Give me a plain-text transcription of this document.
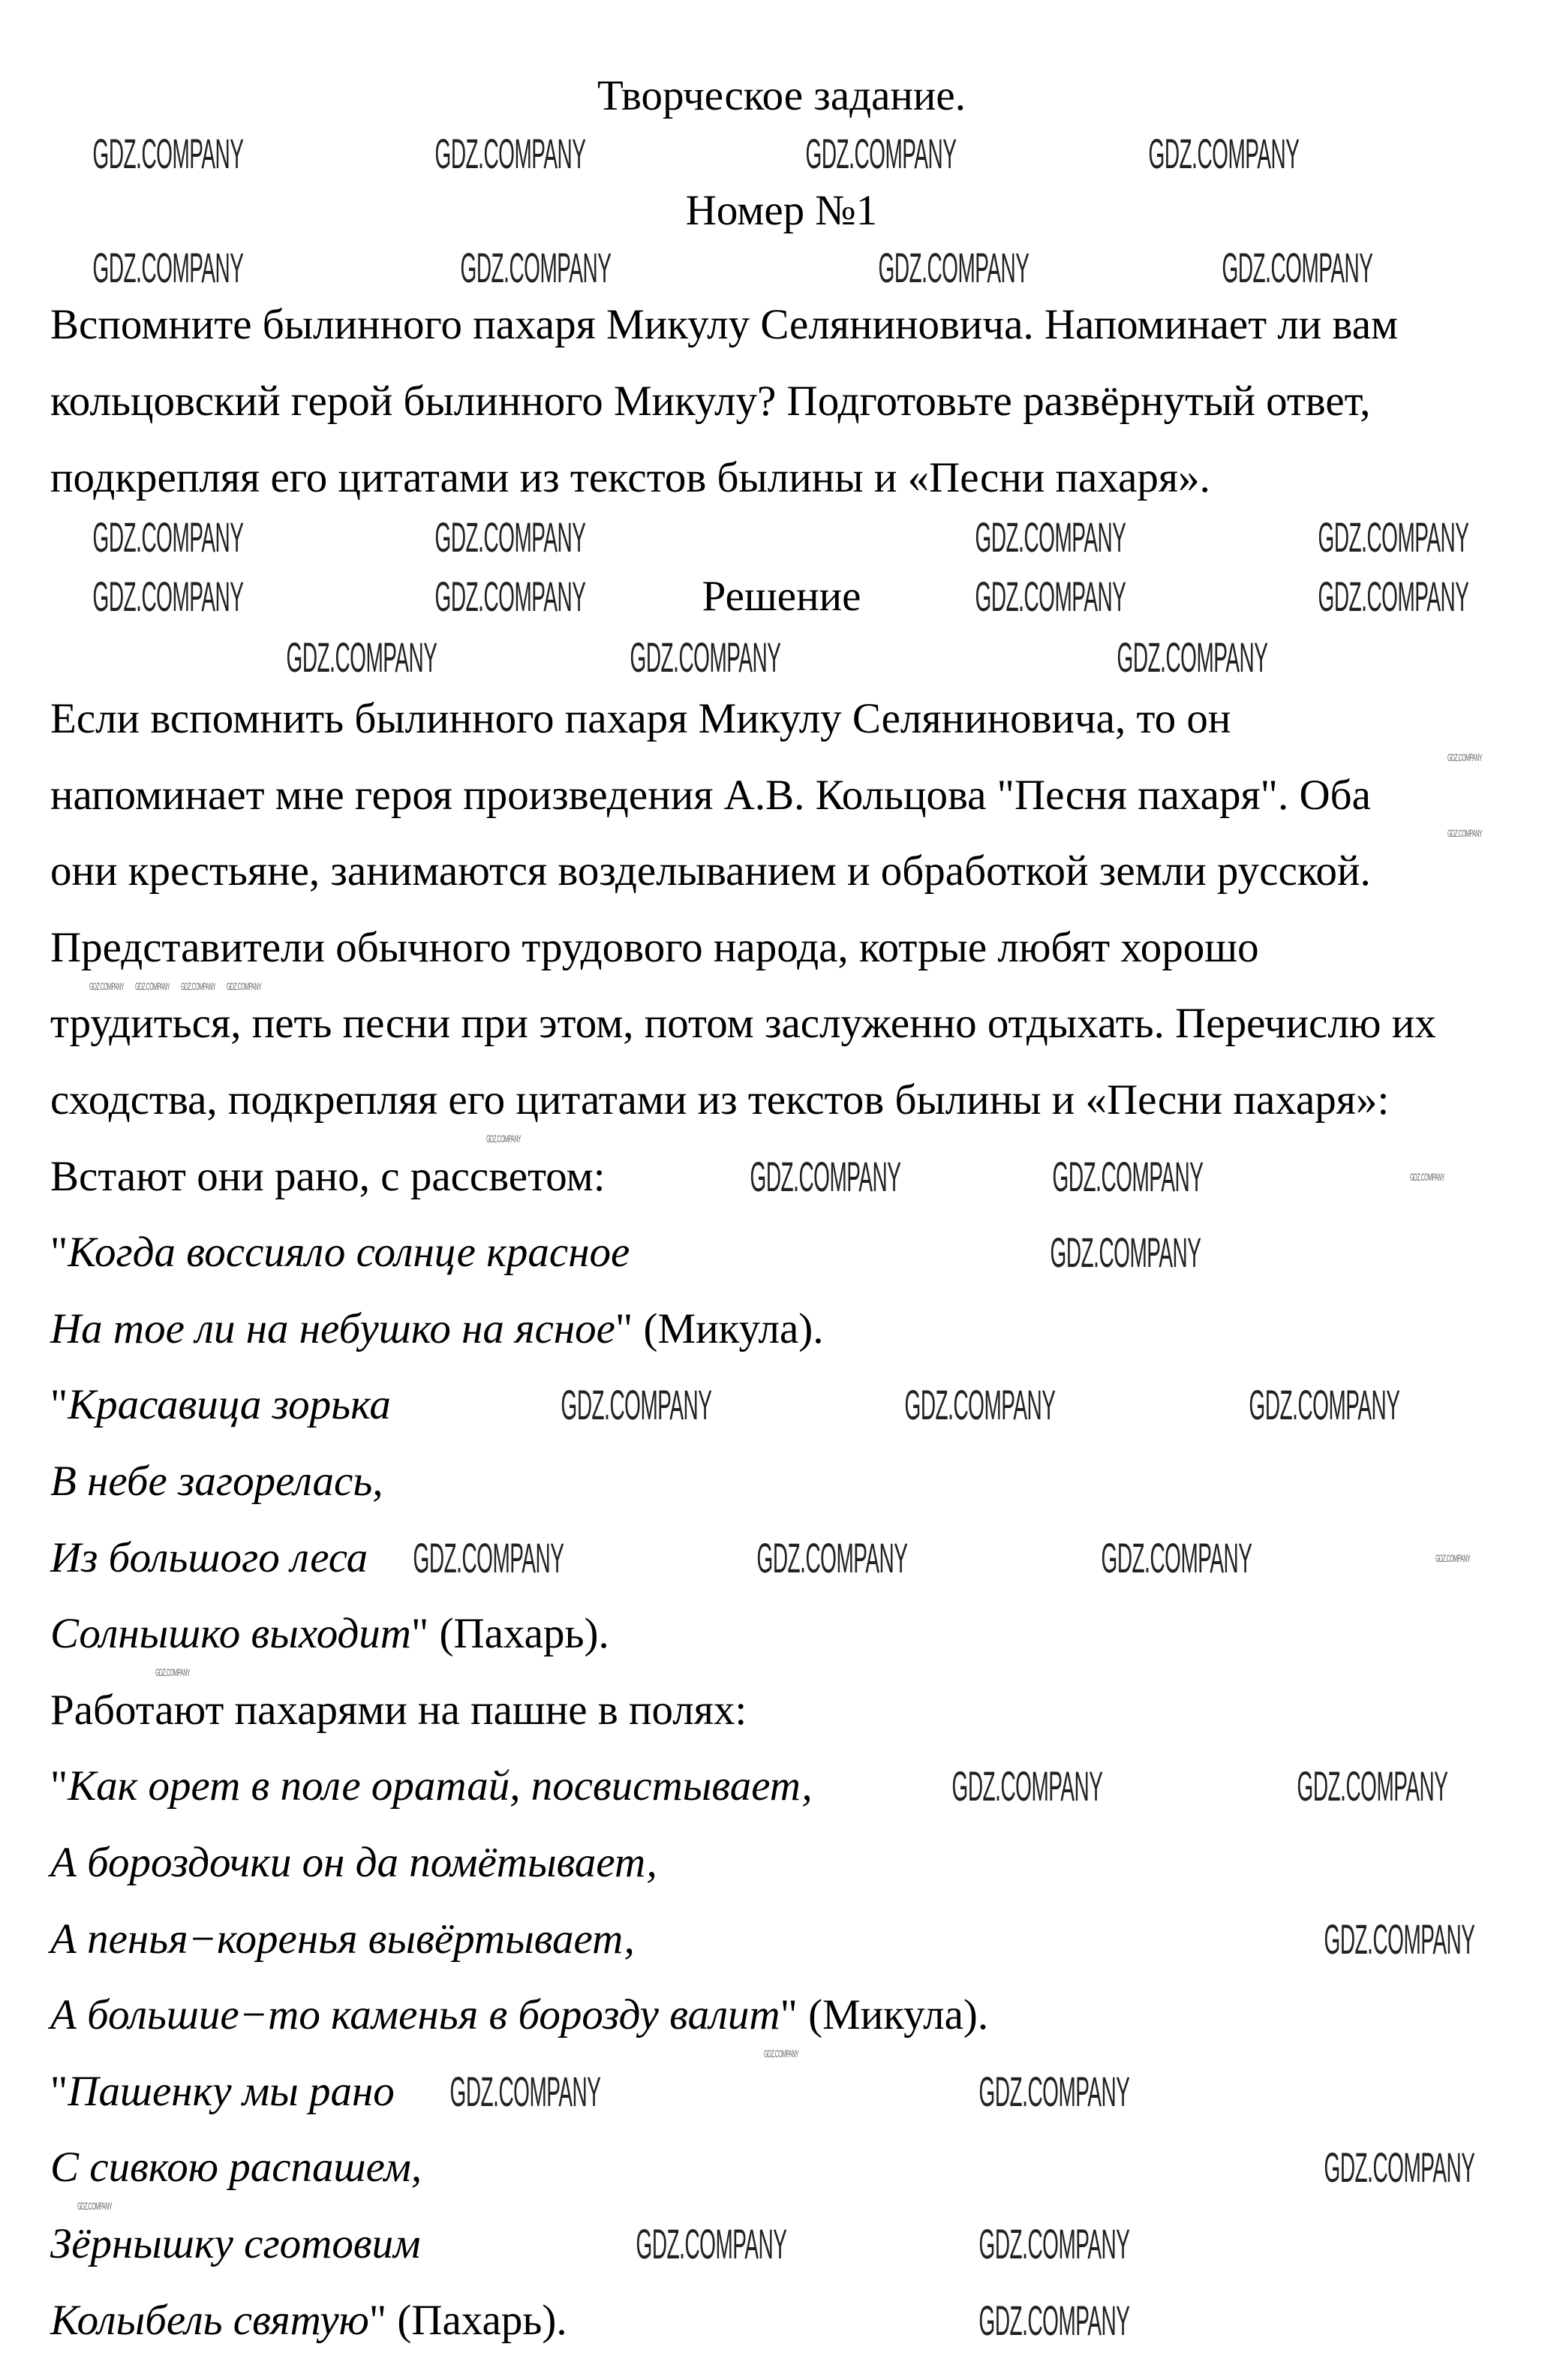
Творческое задание.
Номер №1
Вспомните былинного пахаря Микулу Селяниновича. Напоминает ли вам
кольцовский герой былинного Микулу? Подготовьте развёрнутый ответ,
подкрепляя его цитатами из текстов былины и «Песни пахаря».
Решение
Если вспомнить былинного пахаря Микулу Селяниновича, то он
напоминает мне героя произведения А.В. Кольцова "Песня пахаря". Оба
они крестьяне, занимаются возделыванием и обработкой земли русской.
Представители обычного трудового народа, котрые любят хорошо
трудиться, петь песни при этом, потом заслуженно отдыхать. Перечислю их
сходства, подкрепляя его цитатами из текстов былины и «Песни пахаря»:
Встают они рано, с рассветом:
"Когда воссияло солнце красное
На тое ли на небушко на ясное" (Микула).
"Красавица зорька
В небе загорелась,
Из большого леса
Солнышко выходит" (Пахарь).
Работают пахарями на пашне в полях:
"Как орет в поле оратай, посвистывает,
А бороздочки он да помётывает,
А пенья−коренья вывёртывает,
А большие−то каменья в борозду валит" (Микула).
"Пашенку мы рано
С сивкою распашем,
Зёрнышку сготовим
Колыбель святую" (Пахарь).
GDZ.COMPANY	GDZ.COMPANY	GDZ.COMPANY	GDZ.COMPANY
GDZ.COMPANY	GDZ.COMPANY	GDZ.COMPANY	GDZ.COMPANY
GDZ.COMPANY	GDZ.COMPANY	GDZ.COMPANY	GDZ.COMPANY
GDZ.COMPANY	GDZ.COMPANY	GDZ.COMPANY	GDZ.COMPANY
GDZ.COMPANY	GDZ.COMPANY	GDZ.COMPANY
GDZ.COMPANY	GDZ.COMPANY
GDZ.COMPANY
GDZ.COMPANY	GDZ.COMPANY	GDZ.COMPANY
GDZ.COMPANY	GDZ.COMPANY	GDZ.COMPANY
GDZ.COMPANY	GDZ.COMPANY
GDZ.COMPANY
GDZ.COMPANY	GDZ.COMPANY
GDZ.COMPANY
GDZ.COMPANY	GDZ.COMPANY
GDZ.COMPANY
GDZ.COMPANY
GDZ.COMPANY
GDZ.COMPANY GDZ.COMPANY GDZ.COMPANY GDZ.COMPANY
GDZ.COMPANY
GDZ.COMPANY
GDZ.COMPANY
GDZ.COMPANY
GDZ.COMPANY
GDZ.COMPANY
